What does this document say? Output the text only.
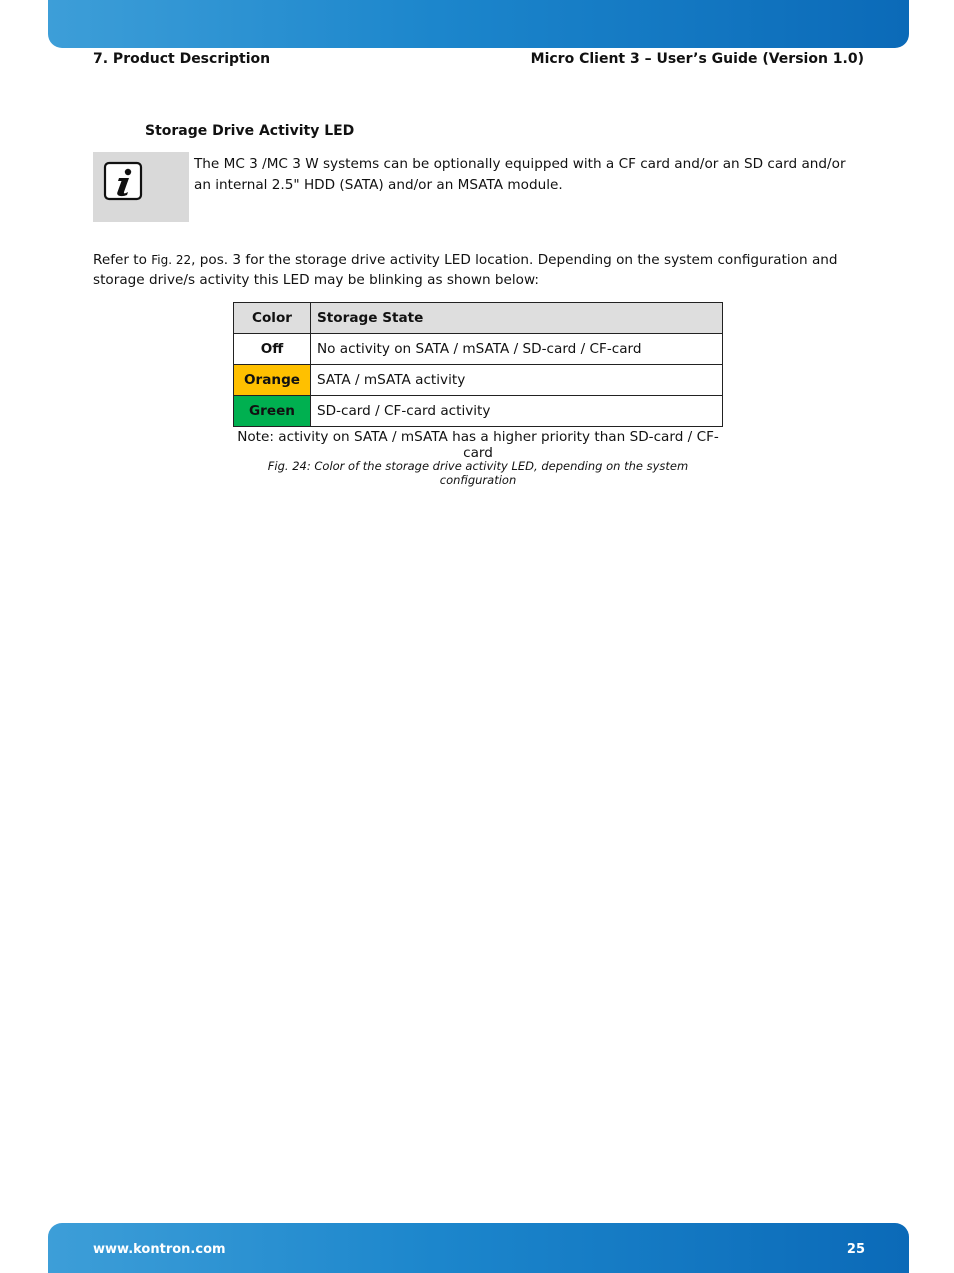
7. Product Description	Micro Client 3 – User’s Guide (Version 1.0)
Storage Drive Activity LED
The MC 3 /MC 3 W systems can be optionally equipped with a CF card and/or an SD card and/or an internal 2.5" HDD (SATA) and/or an MSATA module.
Refer to Fig. 22, pos. 3 for the storage drive activity LED location. Depending on the system configuration and storage drive/s activity this LED may be blinking as shown below:
Color	Storage State
Off	No activity on SATA / mSATA / SD-card / CF-card
Orange	SATA / mSATA activity
Green	SD-card / CF-card activity
Note: activity on SATA / mSATA has a higher priority than SD-card / CF-card
Fig. 24: Color of the storage drive activity LED, depending on the system configuration
www.kontron.com	25
